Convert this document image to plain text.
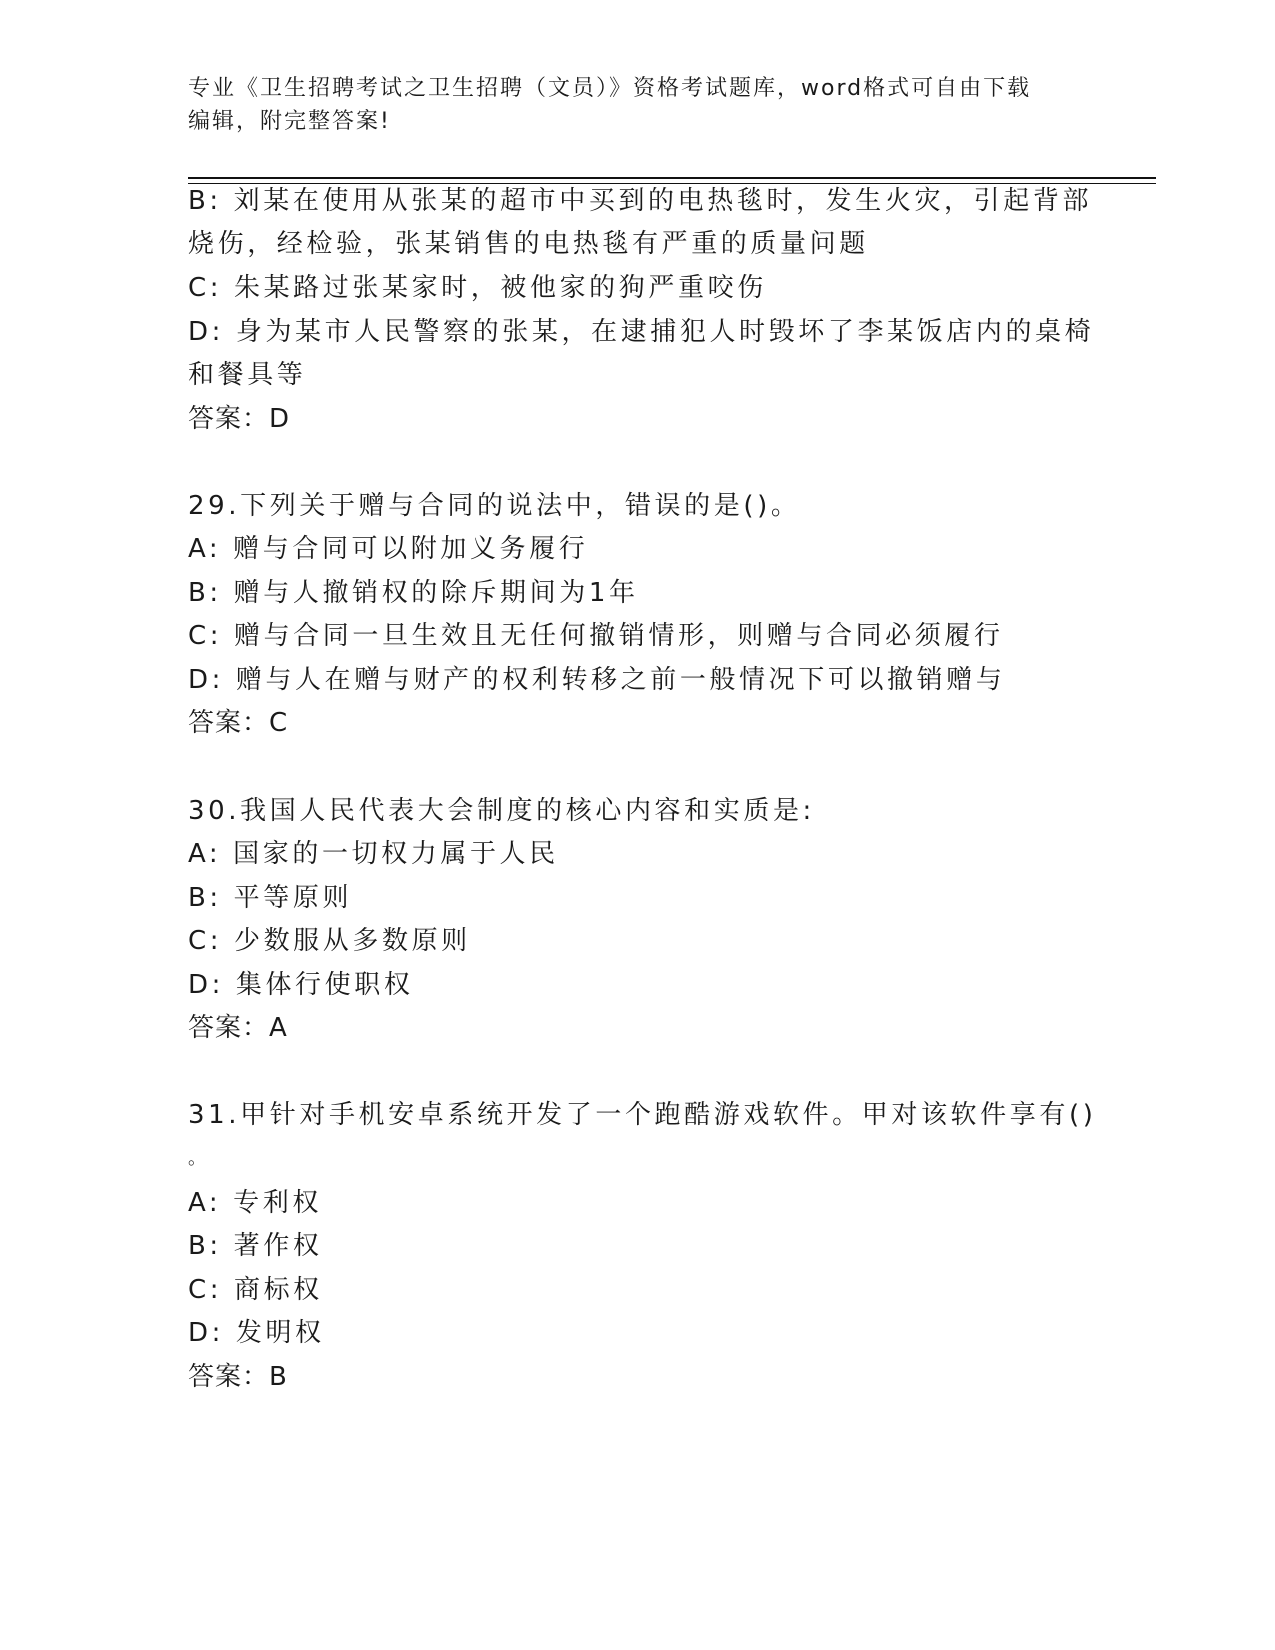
专业《卫生招聘考试之卫生招聘（文员）》资格考试题库，word格式可自由下载
编辑，附完整答案!

B: 刘某在使用从张某的超市中买到的电热毯时，发生火灾，引起背部

烧伤，经检验，张某销售的电热毯有严重的质量问题

C: 朱某路过张某家时，被他家的狗严重咬伤

D: 身为某市人民警察的张某，在逮捕犯人时毁坏了李某饭店内的桌椅

和餐具等

答案：D

29.下列关于赠与合同的说法中，错误的是()。

A: 赠与合同可以附加义务履行

B: 赠与人撤销权的除斥期间为1年

C: 赠与合同一旦生效且无任何撤销情形，则赠与合同必须履行

D: 赠与人在赠与财产的权利转移之前一般情况下可以撤销赠与

答案：C

30.我国人民代表大会制度的核心内容和实质是:

A: 国家的一切权力属于人民

B: 平等原则

C: 少数服从多数原则

D: 集体行使职权

答案：A

31.甲针对手机安卓系统开发了一个跑酷游戏软件。甲对该软件享有()

。

A: 专利权

B: 著作权

C: 商标权

D: 发明权

答案：B
